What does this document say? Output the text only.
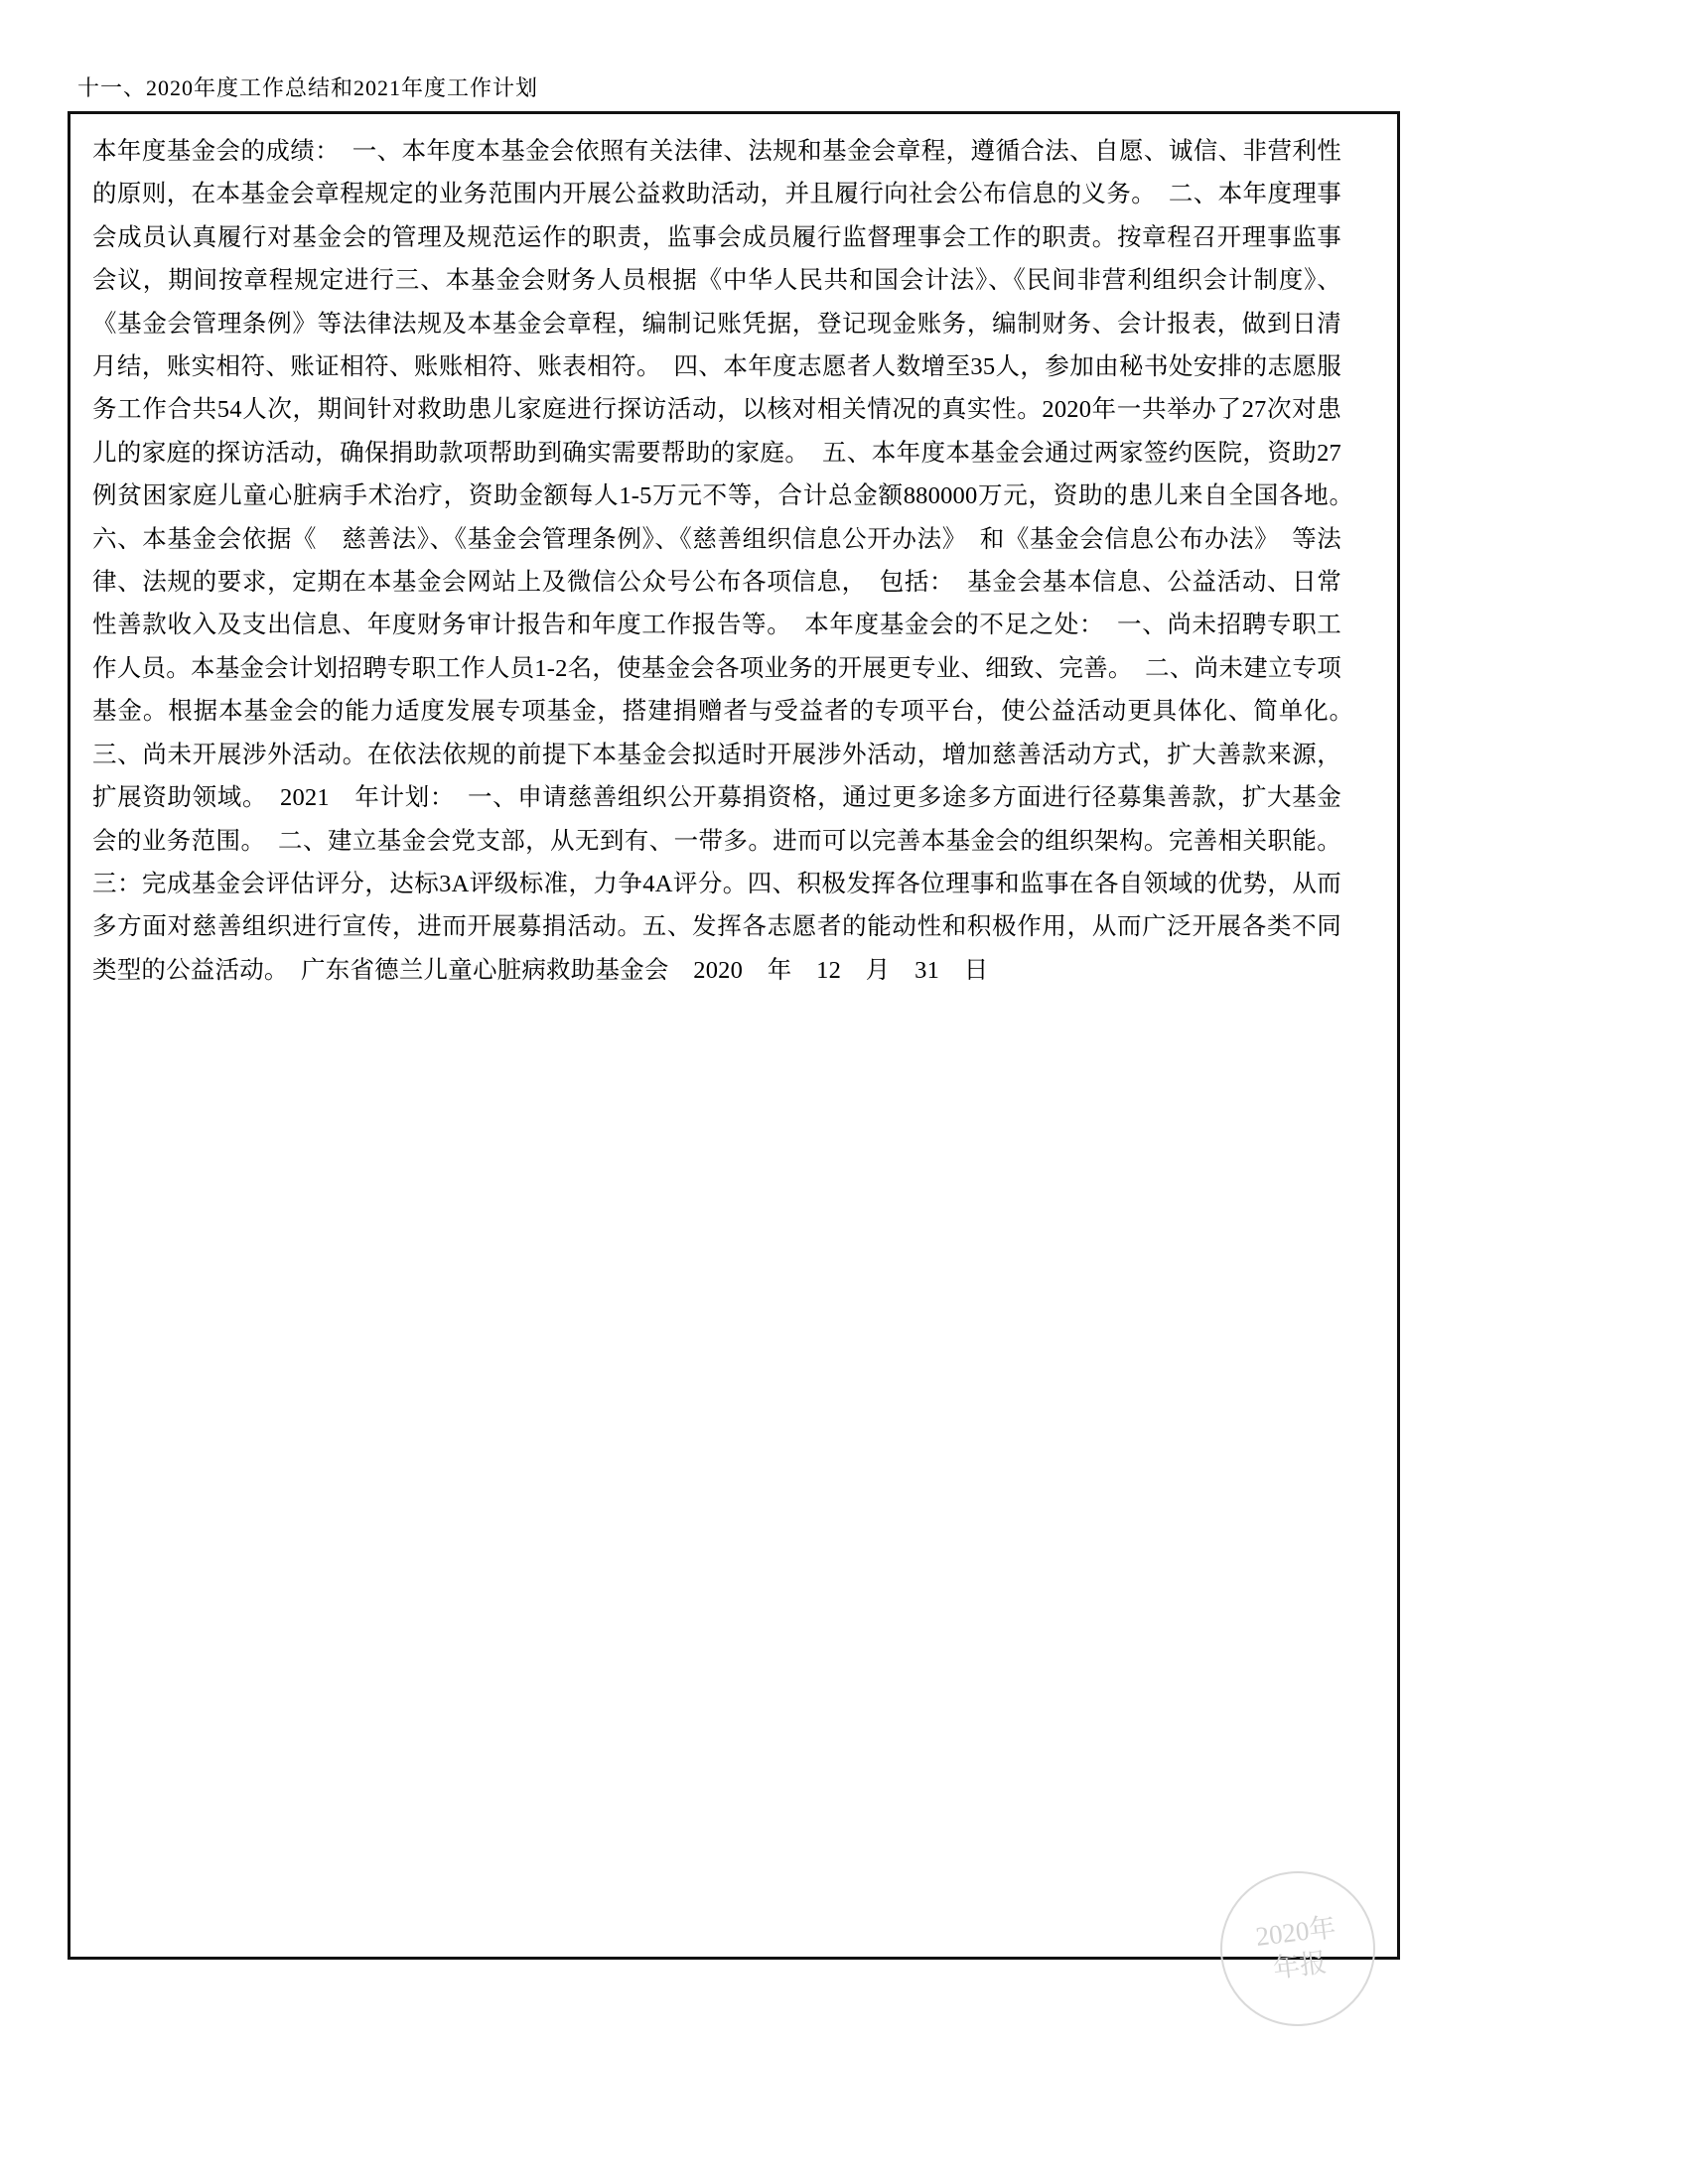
十一、2020年度工作总结和2021年度工作计划
本年度基金会的成绩：　一、本年度本基金会依照有关法律、法规和基金会章程，遵循合法、自愿、诚信、非营利性的原则，在本基金会章程规定的业务范围内开展公益救助活动，并且履行向社会公布信息的义务。　二、本年度理事会成员认真履行对基金会的管理及规范运作的职责，监事会成员履行监督理事会工作的职责。按章程召开理事监事会议，期间按章程规定进行三、本基金会财务人员根据《中华人民共和国会计法》、《民间非营利组织会计制度》、《基金会管理条例》等法律法规及本基金会章程，编制记账凭据，登记现金账务，编制财务、会计报表，做到日清月结，账实相符、账证相符、账账相符、账表相符。　四、本年度志愿者人数增至35人，参加由秘书处安排的志愿服务工作合共54人次，期间针对救助患儿家庭进行探访活动，以核对相关情况的真实性。2020年一共举办了27次对患儿的家庭的探访活动，确保捐助款项帮助到确实需要帮助的家庭。　五、本年度本基金会通过两家签约医院，资助27例贫困家庭儿童心脏病手术治疗，资助金额每人1-5万元不等，合计总金额880000万元，资助的患儿来自全国各地。　六、本基金会依据《　慈善法》、《基金会管理条例》、《慈善组织信息公开办法》　和《基金会信息公布办法》　等法律、法规的要求，定期在本基金会网站上及微信公众号公布各项信息，　包括：　基金会基本信息、公益活动、日常性善款收入及支出信息、年度财务审计报告和年度工作报告等。　本年度基金会的不足之处：　一、尚未招聘专职工作人员。本基金会计划招聘专职工作人员1-2名，使基金会各项业务的开展更专业、细致、完善。　二、尚未建立专项基金。根据本基金会的能力适度发展专项基金，搭建捐赠者与受益者的专项平台，使公益活动更具体化、简单化。　三、尚未开展涉外活动。在依法依规的前提下本基金会拟适时开展涉外活动，增加慈善活动方式，扩大善款来源，扩展资助领域。　2021　年计划：　一、申请慈善组织公开募捐资格，通过更多途多方面进行径募集善款，扩大基金会的业务范围。　二、建立基金会党支部，从无到有、一带多。进而可以完善本基金会的组织架构。完善相关职能。三：完成基金会评估评分，达标3A评级标准，力争4A评分。四、积极发挥各位理事和监事在各自领域的优势，从而多方面对慈善组织进行宣传，进而开展募捐活动。五、发挥各志愿者的能动性和积极作用，从而广泛开展各类不同类型的公益活动。　广东省德兰儿童心脏病救助基金会　2020　年　12　月　31　日
2020年
年报
